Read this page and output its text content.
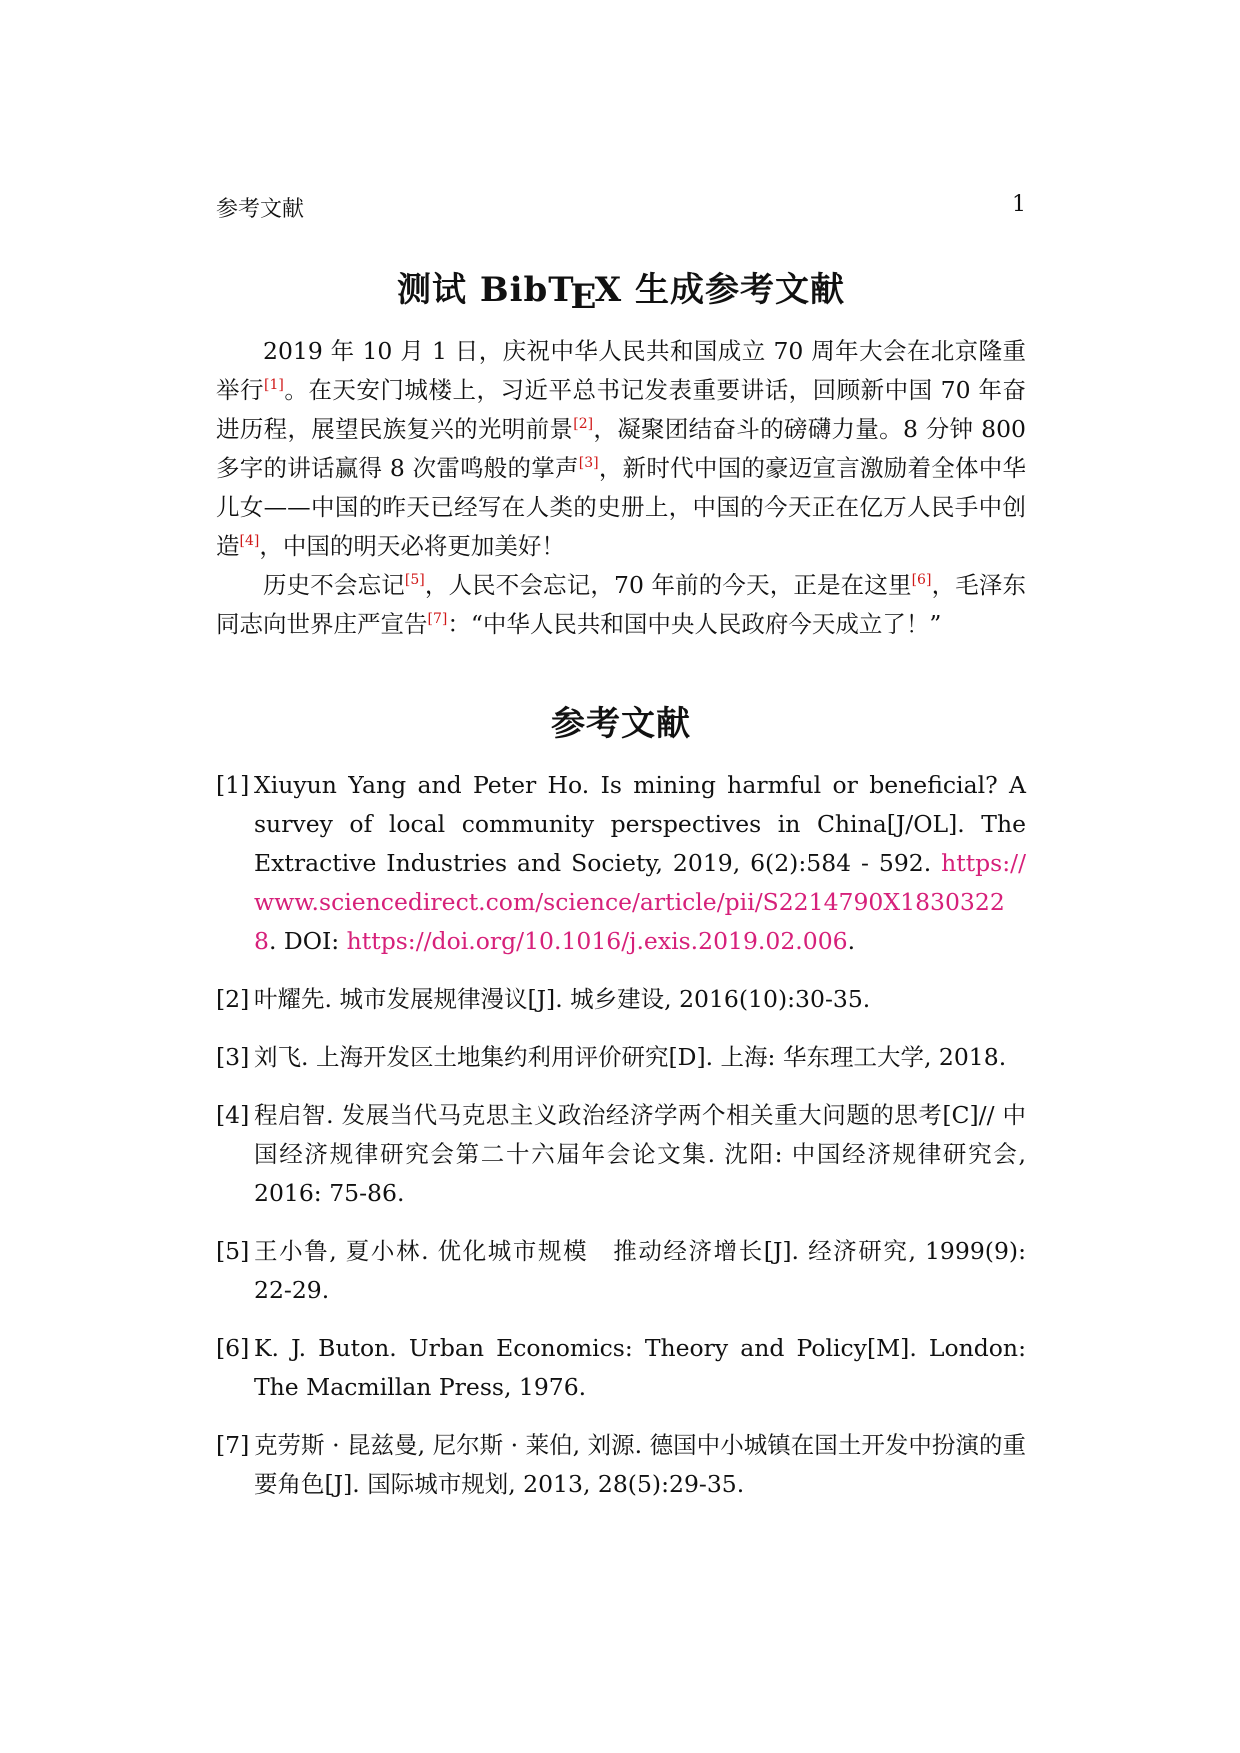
参考文献	1
测试 BibTEX 生成参考文献

2019 年 10 月 1 日，庆祝中华人民共和国成立 70 周年大会在北京隆重举行[1]。在天安门城楼上，习近平总书记发表重要讲话，回顾新中国 70 年奋进历程，展望民族复兴的光明前景[2]，凝聚团结奋斗的磅礴力量。8 分钟 800 多字的讲话赢得 8 次雷鸣般的掌声[3]，新时代中国的豪迈宣言激励着全体中华儿女——中国的昨天已经写在人类的史册上，中国的今天正在亿万人民手中创造[4]，中国的明天必将更加美好！

历史不会忘记[5]，人民不会忘记，70 年前的今天，正是在这里[6]，毛泽东同志向世界庄严宣告[7]：“中华人民共和国中央人民政府今天成立了！”

参考文献
[1] Xiuyun Yang and Peter Ho. Is mining harmful or beneficial? A survey of local community perspectives in China[J/OL]. The Extractive Industries and Society, 2019, 6(2):584 - 592. https://www.sciencedirect.com/science/article/pii/S2214790X18303228. DOI: https://doi.org/10.1016/j.exis.2019.02.006.
[2] 叶耀先. 城市发展规律漫议[J]. 城乡建设, 2016(10):30-35.
[3] 刘飞. 上海开发区土地集约利用评价研究[D]. 上海: 华东理工大学, 2018.
[4] 程启智. 发展当代马克思主义政治经济学两个相关重大问题的思考[C]// 中国经济规律研究会第二十六届年会论文集. 沈阳: 中国经济规律研究会, 2016: 75-86.
[5] 王小鲁, 夏小林. 优化城市规模　推动经济增长[J]. 经济研究, 1999(9): 22-29.
[6] K. J. Buton. Urban Economics: Theory and Policy[M]. London: The Macmillan Press, 1976.
[7] 克劳斯 · 昆兹曼, 尼尔斯 · 莱伯, 刘源. 德国中小城镇在国土开发中扮演的重要角色[J]. 国际城市规划, 2013, 28(5):29-35.
